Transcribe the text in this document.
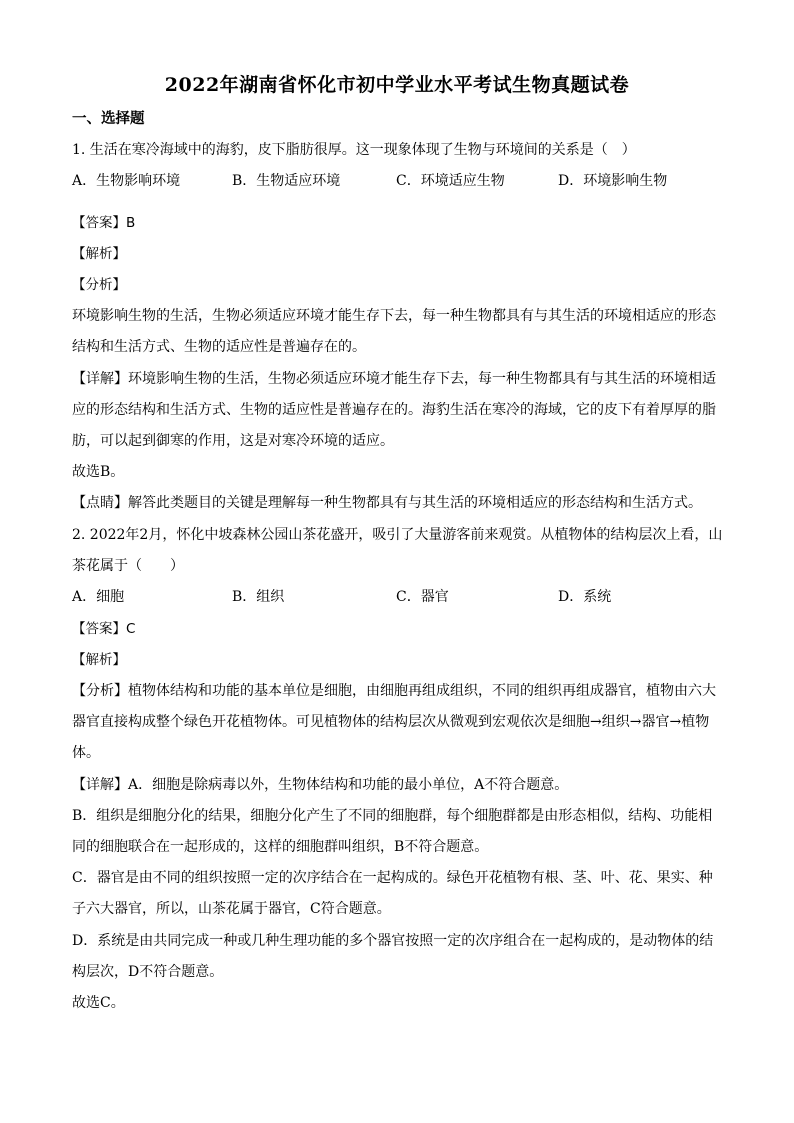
2022年湖南省怀化市初中学业水平考试生物真题试卷
一、选择题
1. 生活在寒冷海域中的海豹，皮下脂肪很厚。这一现象体现了生物与环境间的关系是（　）
A．生物影响环境	B．生物适应环境	C．环境适应生物	D．环境影响生物
【答案】B
【解析】
【分析】
环境影响生物的生活，生物必须适应环境才能生存下去，每一种生物都具有与其生活的环境相适应的形态
结构和生活方式、生物的适应性是普遍存在的。
【详解】环境影响生物的生活，生物必须适应环境才能生存下去，每一种生物都具有与其生活的环境相适
应的形态结构和生活方式、生物的适应性是普遍存在的。海豹生活在寒冷的海域，它的皮下有着厚厚的脂
肪，可以起到御寒的作用，这是对寒冷环境的适应。
故选B。
【点睛】解答此类题目的关键是理解每一种生物都具有与其生活的环境相适应的形态结构和生活方式。
2. 2022年2月，怀化中坡森林公园山茶花盛开，吸引了大量游客前来观赏。从植物体的结构层次上看，山
茶花属于（　　）
A．细胞	B．组织	C．器官	D．系统
【答案】C
【解析】
【分析】植物体结构和功能的基本单位是细胞，由细胞再组成组织，不同的组织再组成器官，植物由六大
器官直接构成整个绿色开花植物体。可见植物体的结构层次从微观到宏观依次是细胞→组织→器官→植物
体。
【详解】A．细胞是除病毒以外，生物体结构和功能的最小单位，A不符合题意。
B．组织是细胞分化的结果，细胞分化产生了不同的细胞群，每个细胞群都是由形态相似，结构、功能相
同的细胞联合在一起形成的，这样的细胞群叫组织，B不符合题意。
C．器官是由不同的组织按照一定的次序结合在一起构成的。绿色开花植物有根、茎、叶、花、果实、种
子六大器官，所以，山茶花属于器官，C符合题意。
D．系统是由共同完成一种或几种生理功能的多个器官按照一定的次序组合在一起构成的，是动物体的结
构层次，D不符合题意。
故选C。
